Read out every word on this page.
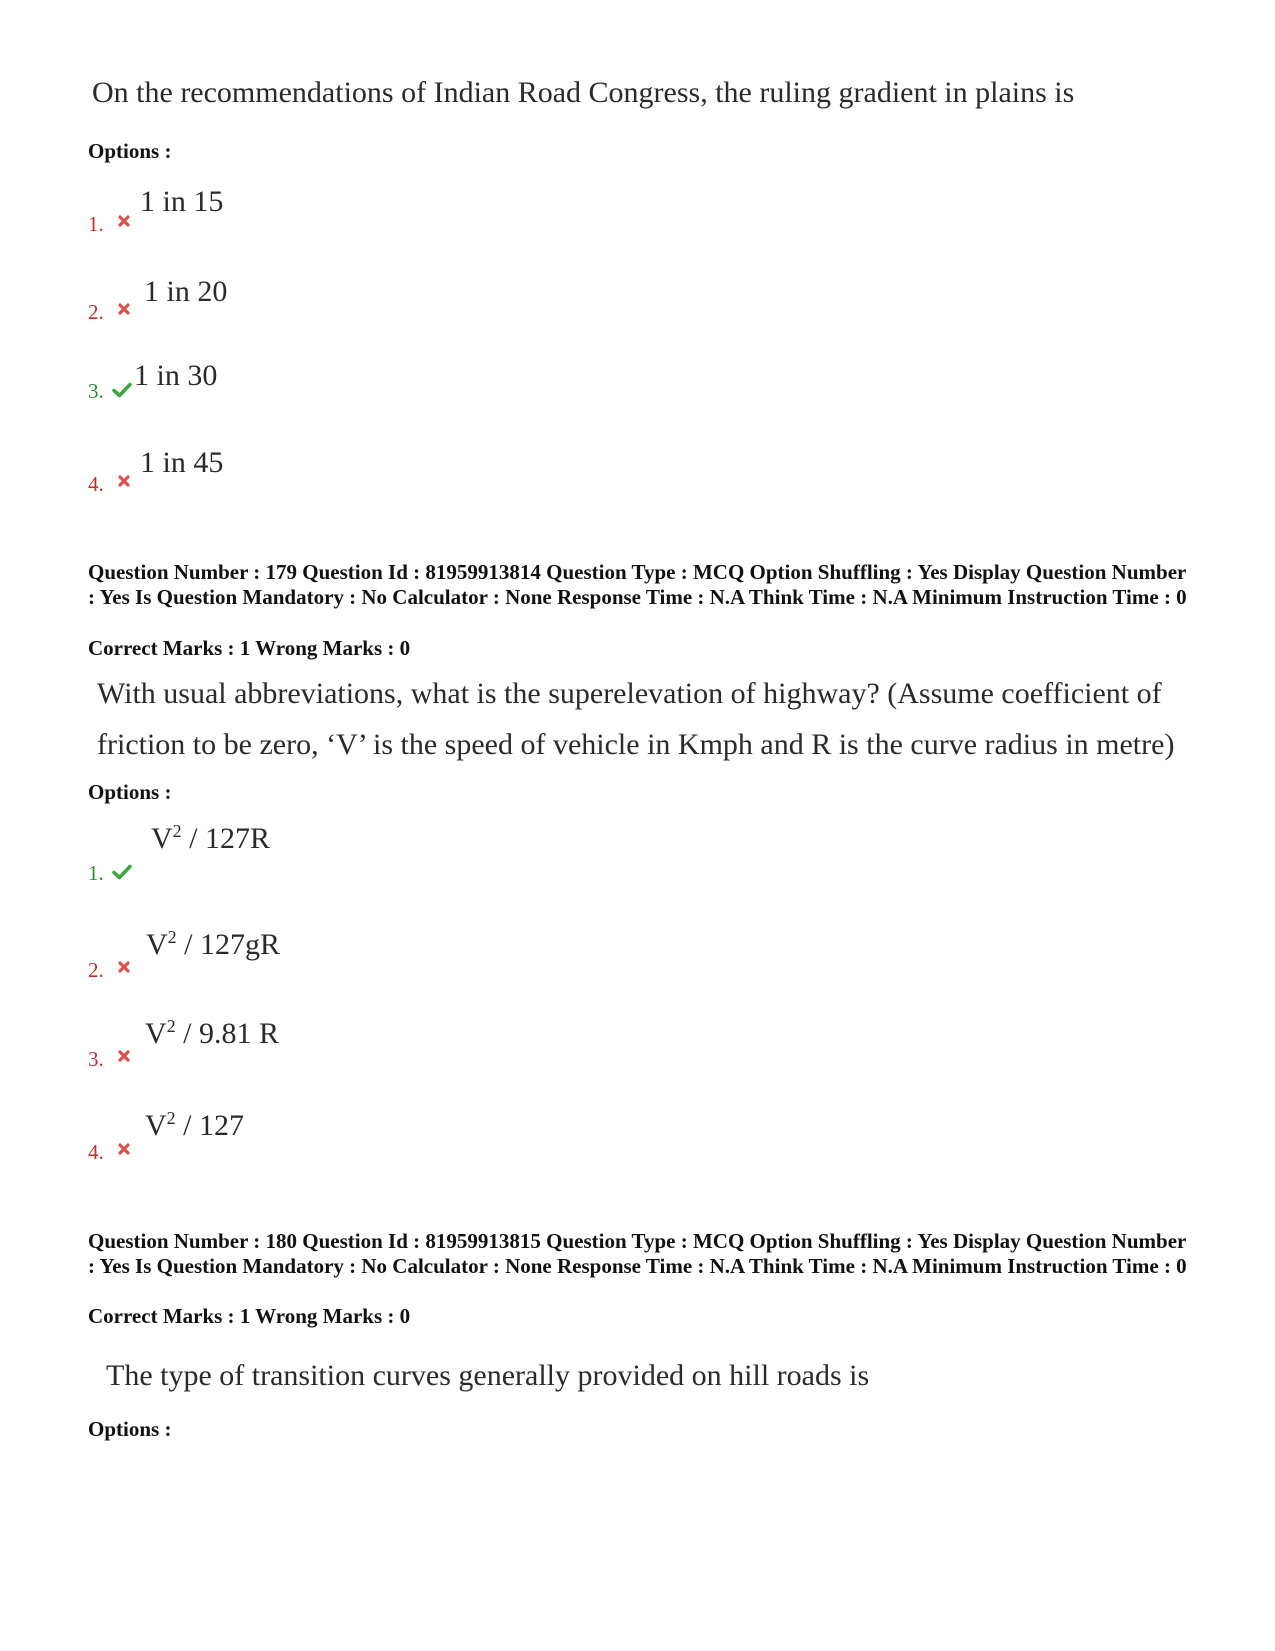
On the recommendations of Indian Road Congress, the ruling gradient in plains is
Options :
1.
1 in 15
2.
1 in 20
3.	1 in 30
4.
1 in 45
Question Number : 179 Question Id : 81959913814 Question Type : MCQ Option Shuffling : Yes Display Question Number : Yes Is Question Mandatory : No Calculator : None Response Time : N.A Think Time : N.A Minimum Instruction Time : 0
Correct Marks : 1 Wrong Marks : 0
With usual abbreviations, what is the superelevation of highway? (Assume coefficient of
friction to be zero, ‘V’ is the speed of vehicle in Kmph and R is the curve radius in metre)
Options :
1.
$V^2 / 127R$
2.
$V^2 / 127gR$
3.
$V^2 / 9.81$ R
4.
$V^2 / 127$
Question Number : 180 Question Id : 81959913815 Question Type : MCQ Option Shuffling : Yes Display Question Number : Yes Is Question Mandatory : No Calculator : None Response Time : N.A Think Time : N.A Minimum Instruction Time : 0
Correct Marks : 1 Wrong Marks : 0
The type of transition curves generally provided on hill roads is
Options :
